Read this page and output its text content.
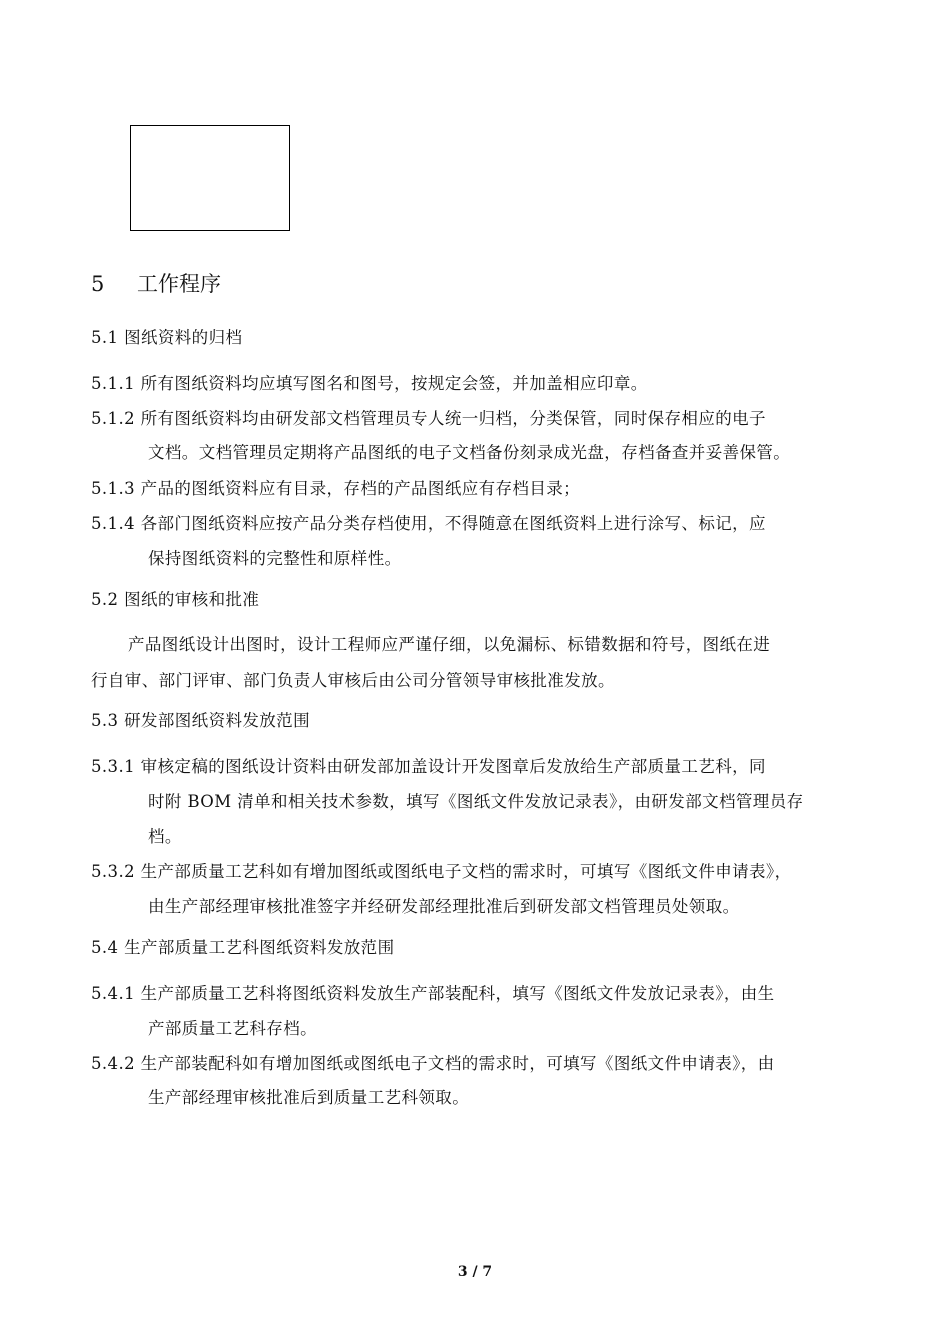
5 工作程序
5.1 图纸资料的归档
5.1.1 所有图纸资料均应填写图名和图号，按规定会签，并加盖相应印章。
5.1.2 所有图纸资料均由研发部文档管理员专人统一归档，分类保管，同时保存相应的电子
文档。文档管理员定期将产品图纸的电子文档备份刻录成光盘，存档备查并妥善保管。
5.1.3 产品的图纸资料应有目录，存档的产品图纸应有存档目录；
5.1.4 各部门图纸资料应按产品分类存档使用，不得随意在图纸资料上进行涂写、标记，应
保持图纸资料的完整性和原样性。
5.2 图纸的审核和批准
产品图纸设计出图时，设计工程师应严谨仔细，以免漏标、标错数据和符号，图纸在进
行自审、部门评审、部门负责人审核后由公司分管领导审核批准发放。
5.3 研发部图纸资料发放范围
5.3.1 审核定稿的图纸设计资料由研发部加盖设计开发图章后发放给生产部质量工艺科，同
时附 BOM 清单和相关技术参数，填写《图纸文件发放记录表》，由研发部文档管理员存
档。
5.3.2 生产部质量工艺科如有增加图纸或图纸电子文档的需求时，可填写《图纸文件申请表》，
由生产部经理审核批准签字并经研发部经理批准后到研发部文档管理员处领取。
5.4 生产部质量工艺科图纸资料发放范围
5.4.1 生产部质量工艺科将图纸资料发放生产部装配科，填写《图纸文件发放记录表》，由生
产部质量工艺科存档。
5.4.2 生产部装配科如有增加图纸或图纸电子文档的需求时，可填写《图纸文件申请表》，由
生产部经理审核批准后到质量工艺科领取。
3 / 7
